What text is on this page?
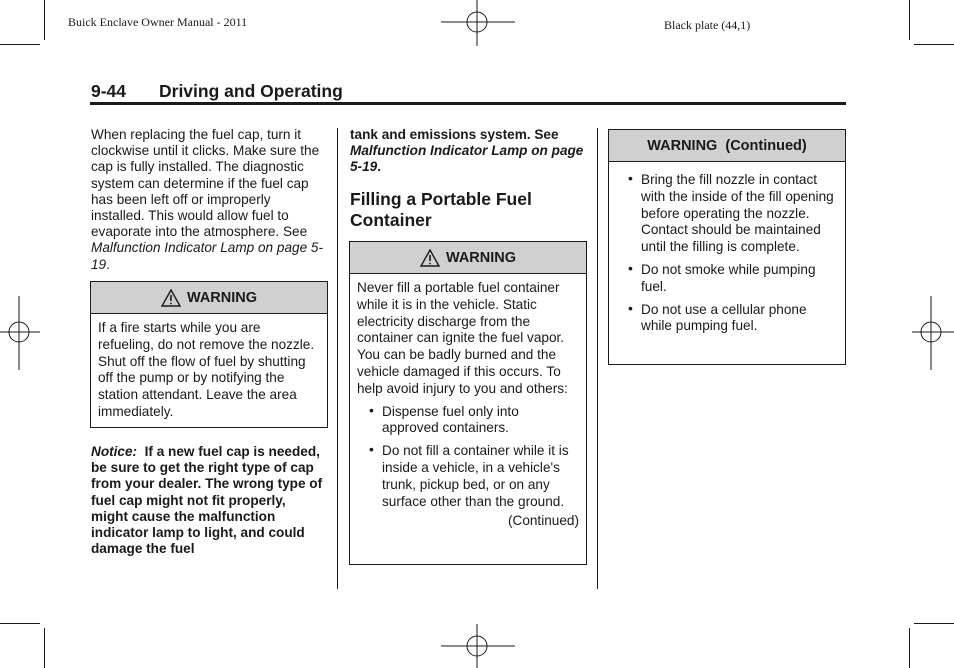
Buick Enclave Owner Manual - 2011	Black plate (44,1)
9-44 Driving and Operating
When replacing the fuel cap, turn it clockwise until it clicks. Make sure the cap is fully installed. The diagnostic system can determine if the fuel cap has been left off or improperly installed. This would allow fuel to evaporate into the atmosphere. See Malfunction Indicator Lamp on page 5-19.
WARNING
If a fire starts while you are refueling, do not remove the nozzle. Shut off the flow of fuel by shutting off the pump or by notifying the station attendant. Leave the area immediately.
Notice: If a new fuel cap is needed, be sure to get the right type of cap from your dealer. The wrong type of fuel cap might not fit properly, might cause the malfunction indicator lamp to light, and could damage the fuel
tank and emissions system. See Malfunction Indicator Lamp on page 5-19.
Filling a Portable Fuel Container
WARNING
Never fill a portable fuel container while it is in the vehicle. Static electricity discharge from the container can ignite the fuel vapor. You can be badly burned and the vehicle damaged if this occurs. To help avoid injury to you and others:
• Dispense fuel only into approved containers.
• Do not fill a container while it is inside a vehicle, in a vehicle's trunk, pickup bed, or on any surface other than the ground.
(Continued)
WARNING  (Continued)
• Bring the fill nozzle in contact with the inside of the fill opening before operating the nozzle. Contact should be maintained until the filling is complete.
• Do not smoke while pumping fuel.
• Do not use a cellular phone while pumping fuel.
